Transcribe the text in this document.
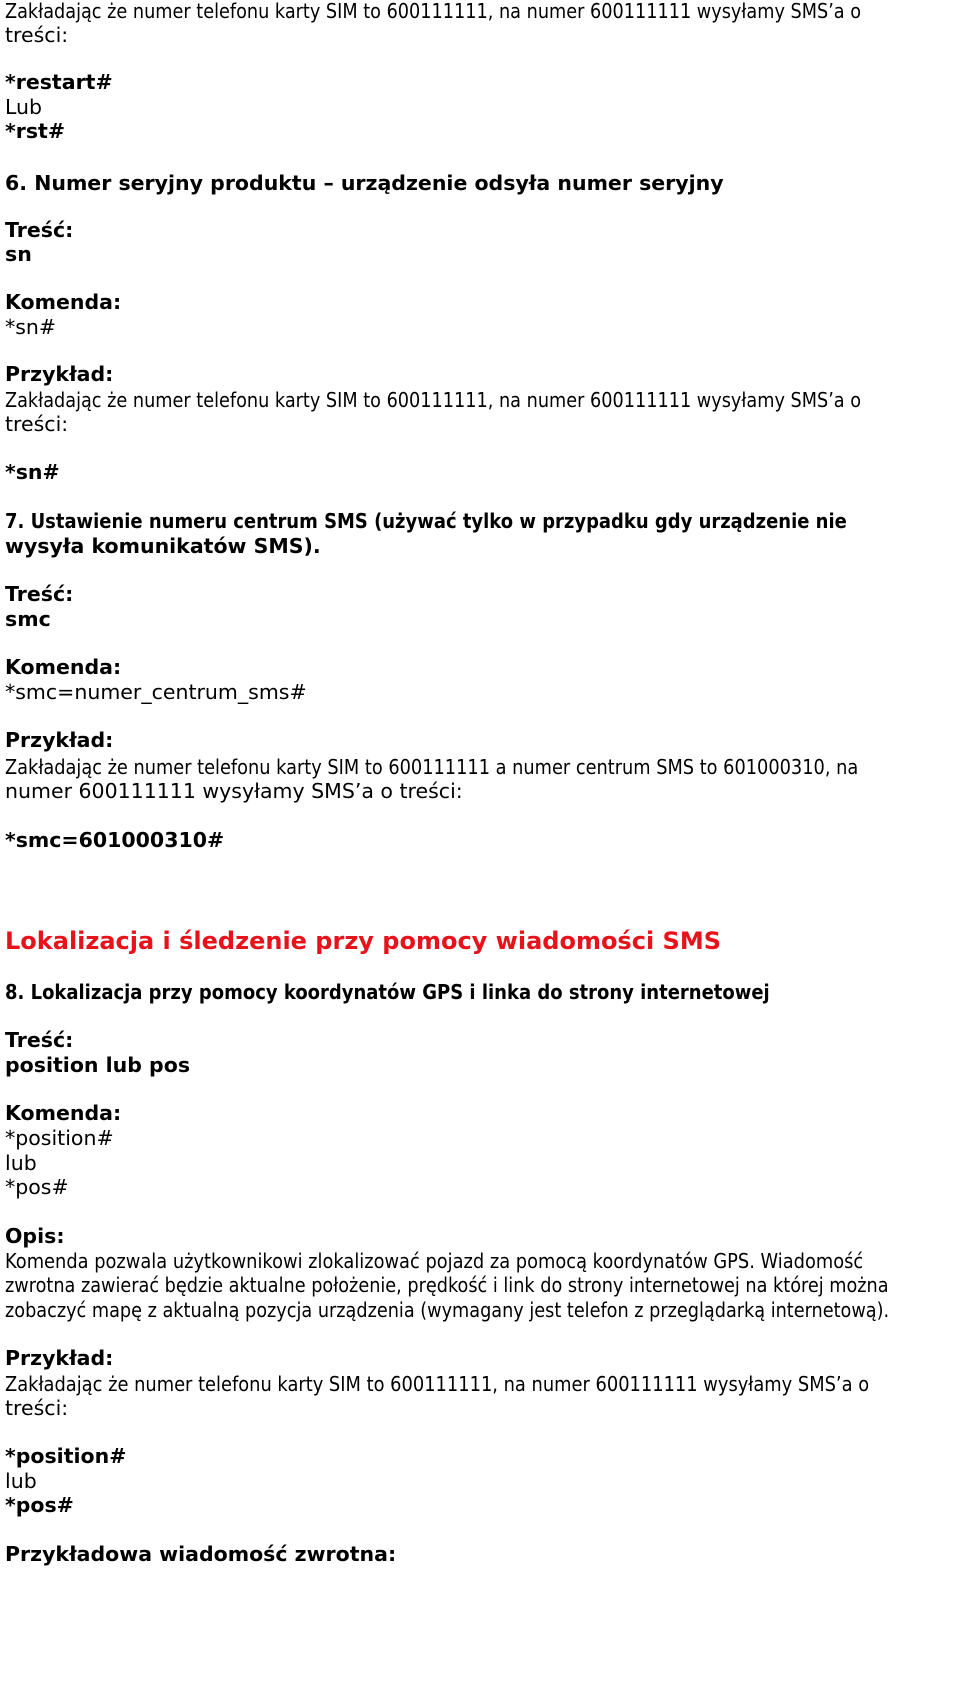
Zakładając że numer telefonu karty SIM to 600111111, na numer 600111111 wysyłamy SMS’a o
treści:
*restart#
Lub
*rst#
6. Numer seryjny produktu – urządzenie odsyła numer seryjny
Treść:
sn
Komenda:
*sn#
Przykład:
Zakładając że numer telefonu karty SIM to 600111111, na numer 600111111 wysyłamy SMS’a o
treści:
*sn#
7. Ustawienie numeru centrum SMS (używać tylko w przypadku gdy urządzenie nie
wysyła komunikatów SMS).
Treść:
smc
Komenda:
*smc=numer_centrum_sms#
Przykład:
Zakładając że numer telefonu karty SIM to 600111111 a numer centrum SMS to 601000310, na
numer 600111111 wysyłamy SMS’a o treści:
*smc=601000310#
Lokalizacja i śledzenie przy pomocy wiadomości SMS
8. Lokalizacja przy pomocy koordynatów GPS i linka do strony internetowej
Treść:
position lub pos
Komenda:
*position#
lub
*pos#
Opis:
Komenda pozwala użytkownikowi zlokalizować pojazd za pomocą koordynatów GPS. Wiadomość
zwrotna zawierać będzie aktualne położenie, prędkość i link do strony internetowej na której można
zobaczyć mapę z aktualną pozycja urządzenia (wymagany jest telefon z przeglądarką internetową).
Przykład:
Zakładając że numer telefonu karty SIM to 600111111, na numer 600111111 wysyłamy SMS’a o
treści:
*position#
lub
*pos#
Przykładowa wiadomość zwrotna:
